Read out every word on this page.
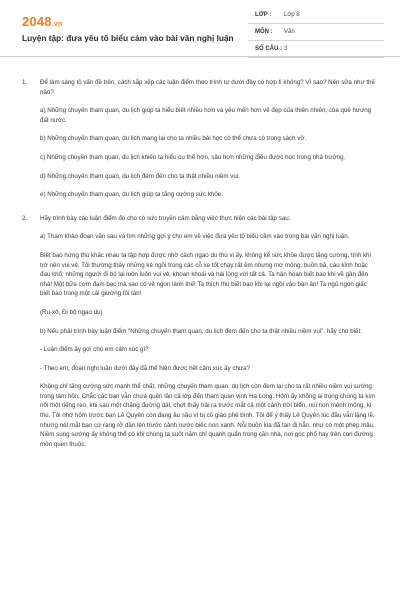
2048.vn
Luyện tập: đưa yếu tố biểu cảm vào bài văn nghị luận
LỚP : Lớp 8
MÔN : Văn
SỐ CÂU : 3
1.	Để làm sáng tỏ vấn đề trên, cách sắp xếp các luận điểm theo trình tự dưới đây có hợp lí không? Vì sao? Nên sửa như thế nào?
a) Những chuyến tham quan, du lịch giúp ta hiểu biết nhiều hơn và yêu mến hơn vẻ đẹp của thiên nhiên, của quê hương đất nước.
b) Những chuyến tham quan, du lịch mang lại cho ta nhiều bài học có thể chưa có trong sách vở.
c) Những chuyến tham quan, du lịch khiến ta hiểu cụ thể hơn, sâu hơn những điều được học trong nhà trường.
d) Những chuyến tham quan, du lịch đem đến cho ta thật nhiều niềm vui.
e) Những chuyến tham quan, du lịch giúp ta tăng cường sức khỏe.
2.	Hãy trình bày các luận điểm đó cho có sức truyền cảm bằng việc thực hiện các bài tập sau:
a) Tham khảo đoạn văn sau và tìm những gợi ý cho em về việc đưa yếu tố biểu cảm vào trong bài văn nghị luận.
Biết bao hứng thú khác nhau ta tập hợp được nhờ cách ngao du thú vị ấy, không kể sức khỏe được tăng cường, tính khí trở nên vui vẻ. Tôi thường thấy những kẻ ngồi trong các cỗ xe tốt chạy rất êm nhưng mơ mộng, buồn bã, cáu kỉnh hoặc đau khổ; những người đi bộ lại luôn luôn vui vẻ, khoan khoái và hài lòng với tất cả. Ta hân hoan biết bao khi về gần đến nhà! Một bữa cơm đạm bạc mà sao có vẻ ngon lành thế! Ta thích thú biết bao khi lại ngồi vào bàn ăn! Ta ngủ ngon giấc biết bao trong một cái giường tồi tàn!
(Ru-xô, Đi bộ ngao du)
b) Nếu phải trình bày luận điểm "Những chuyến tham quan, du lịch đem đến cho ta thật nhiều niềm vui", hãy cho biết:
- Luận điểm ấy gợi cho em cảm xúc gì?
- Theo em, đoạn nghị luận dưới đây đã thể hiện được hết cảm xúc ấy chưa?
Không chỉ tăng cường sức mạnh thể chất, những chuyến tham quan, du lịch còn đem lại cho ta rất nhiều niềm vui sướng trong tâm hồn. Chắc các bạn vẫn chưa quên lần cả lớp đến tham quan vịnh Hạ Long. Hôm ấy không ai trong chúng ta kìm nổi một tiếng reo, khi sau một chặng đường dài, chợt thấy trải ra trước mắt cả một cảnh trời biển, núi non mênh mông, kì thú. Tôi nhớ hôm trước bạn Lê Quyên còn đang âu sầu vì bị cô giáo phê bình. Tôi để ý thấy Lê Quyên lúc đầu vẫn lặng lẽ, nhưng nét mặt bạn cứ rạng rỡ dần lên trước cảnh nước biếc non xanh. Nỗi buồn kia đã tan đi hẳn, như có một phép màu. Niềm sung sướng ấy không thể có khi chúng ta suốt năm chỉ quanh quẩn trong căn nhà, nơi góc phố hay trên con đường mòn quen thuộc.
